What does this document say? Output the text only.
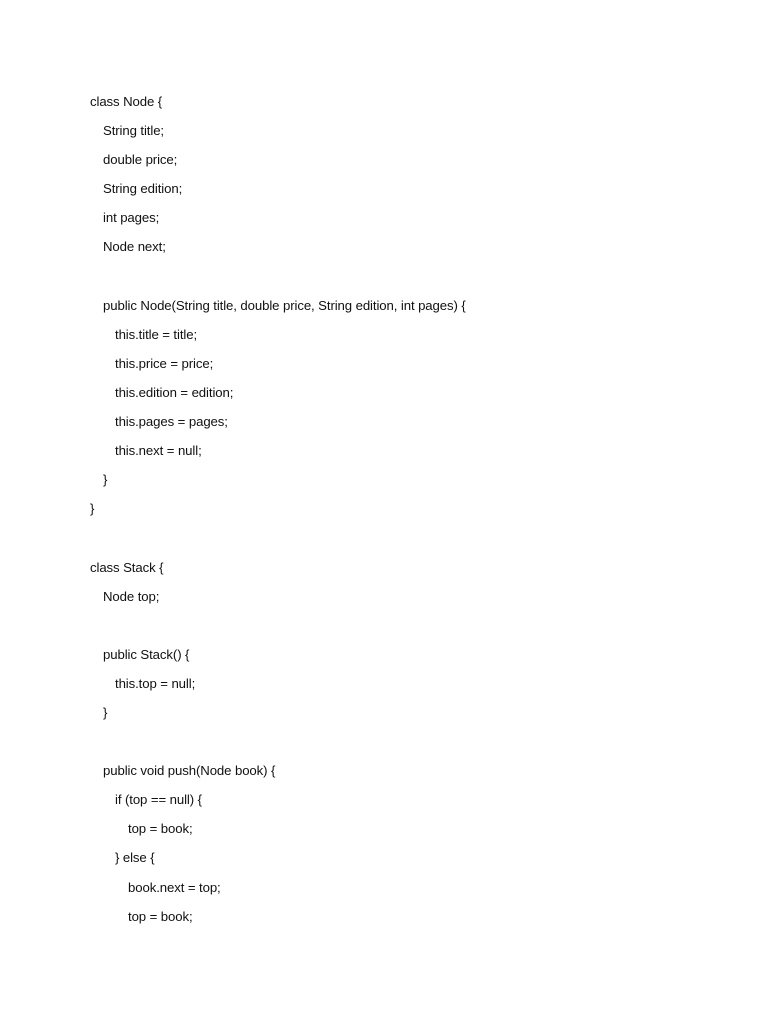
class Node {
String title;
double price;
String edition;
int pages;
Node next;
public Node(String title, double price, String edition, int pages) {
this.title = title;
this.price = price;
this.edition = edition;
this.pages = pages;
this.next = null;
}
}
class Stack {
Node top;
public Stack() {
this.top = null;
}
public void push(Node book) {
if (top == null) {
top = book;
} else {
book.next = top;
top = book;
